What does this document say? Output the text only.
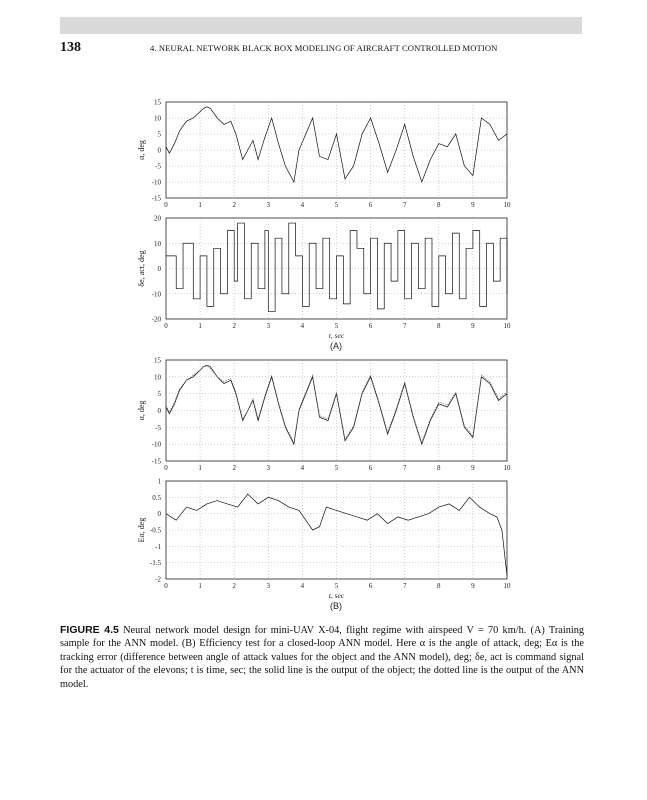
138	4. NEURAL NETWORK BLACK BOX MODELING OF AIRCRAFT CONTROLLED MOTION
0	1	2	3	4	5	6	7	8	9	10
15
10
5
0
-5
-10
-15
α, deg
0	1	2	3	4	5	6	7	8	9	10
20
10
0
-10
-20
δe, act, deg
t, sec
0	1	2	3	4	5	6	7	8	9	10
15
10
5
0
-5
-10
-15
α, deg
0	1	2	3	4	5	6	7	8	9	10
1
0.5
0
-0.5
-1
-1.5
-2
Eα, deg
t, sec
(A)
(B)
FIGURE 4.5 Neural network model design for mini-UAV X-04, flight regime with airspeed V = 70 km/h. (A) Training sample for the ANN model. (B) Efficiency test for a closed-loop ANN model. Here α is the angle of attack, deg; Eα is the tracking error (difference between angle of attack values for the object and the ANN model), deg; δe, act is command signal for the actuator of the elevons; t is time, sec; the solid line is the output of the object; the dotted line is the output of the ANN model.
